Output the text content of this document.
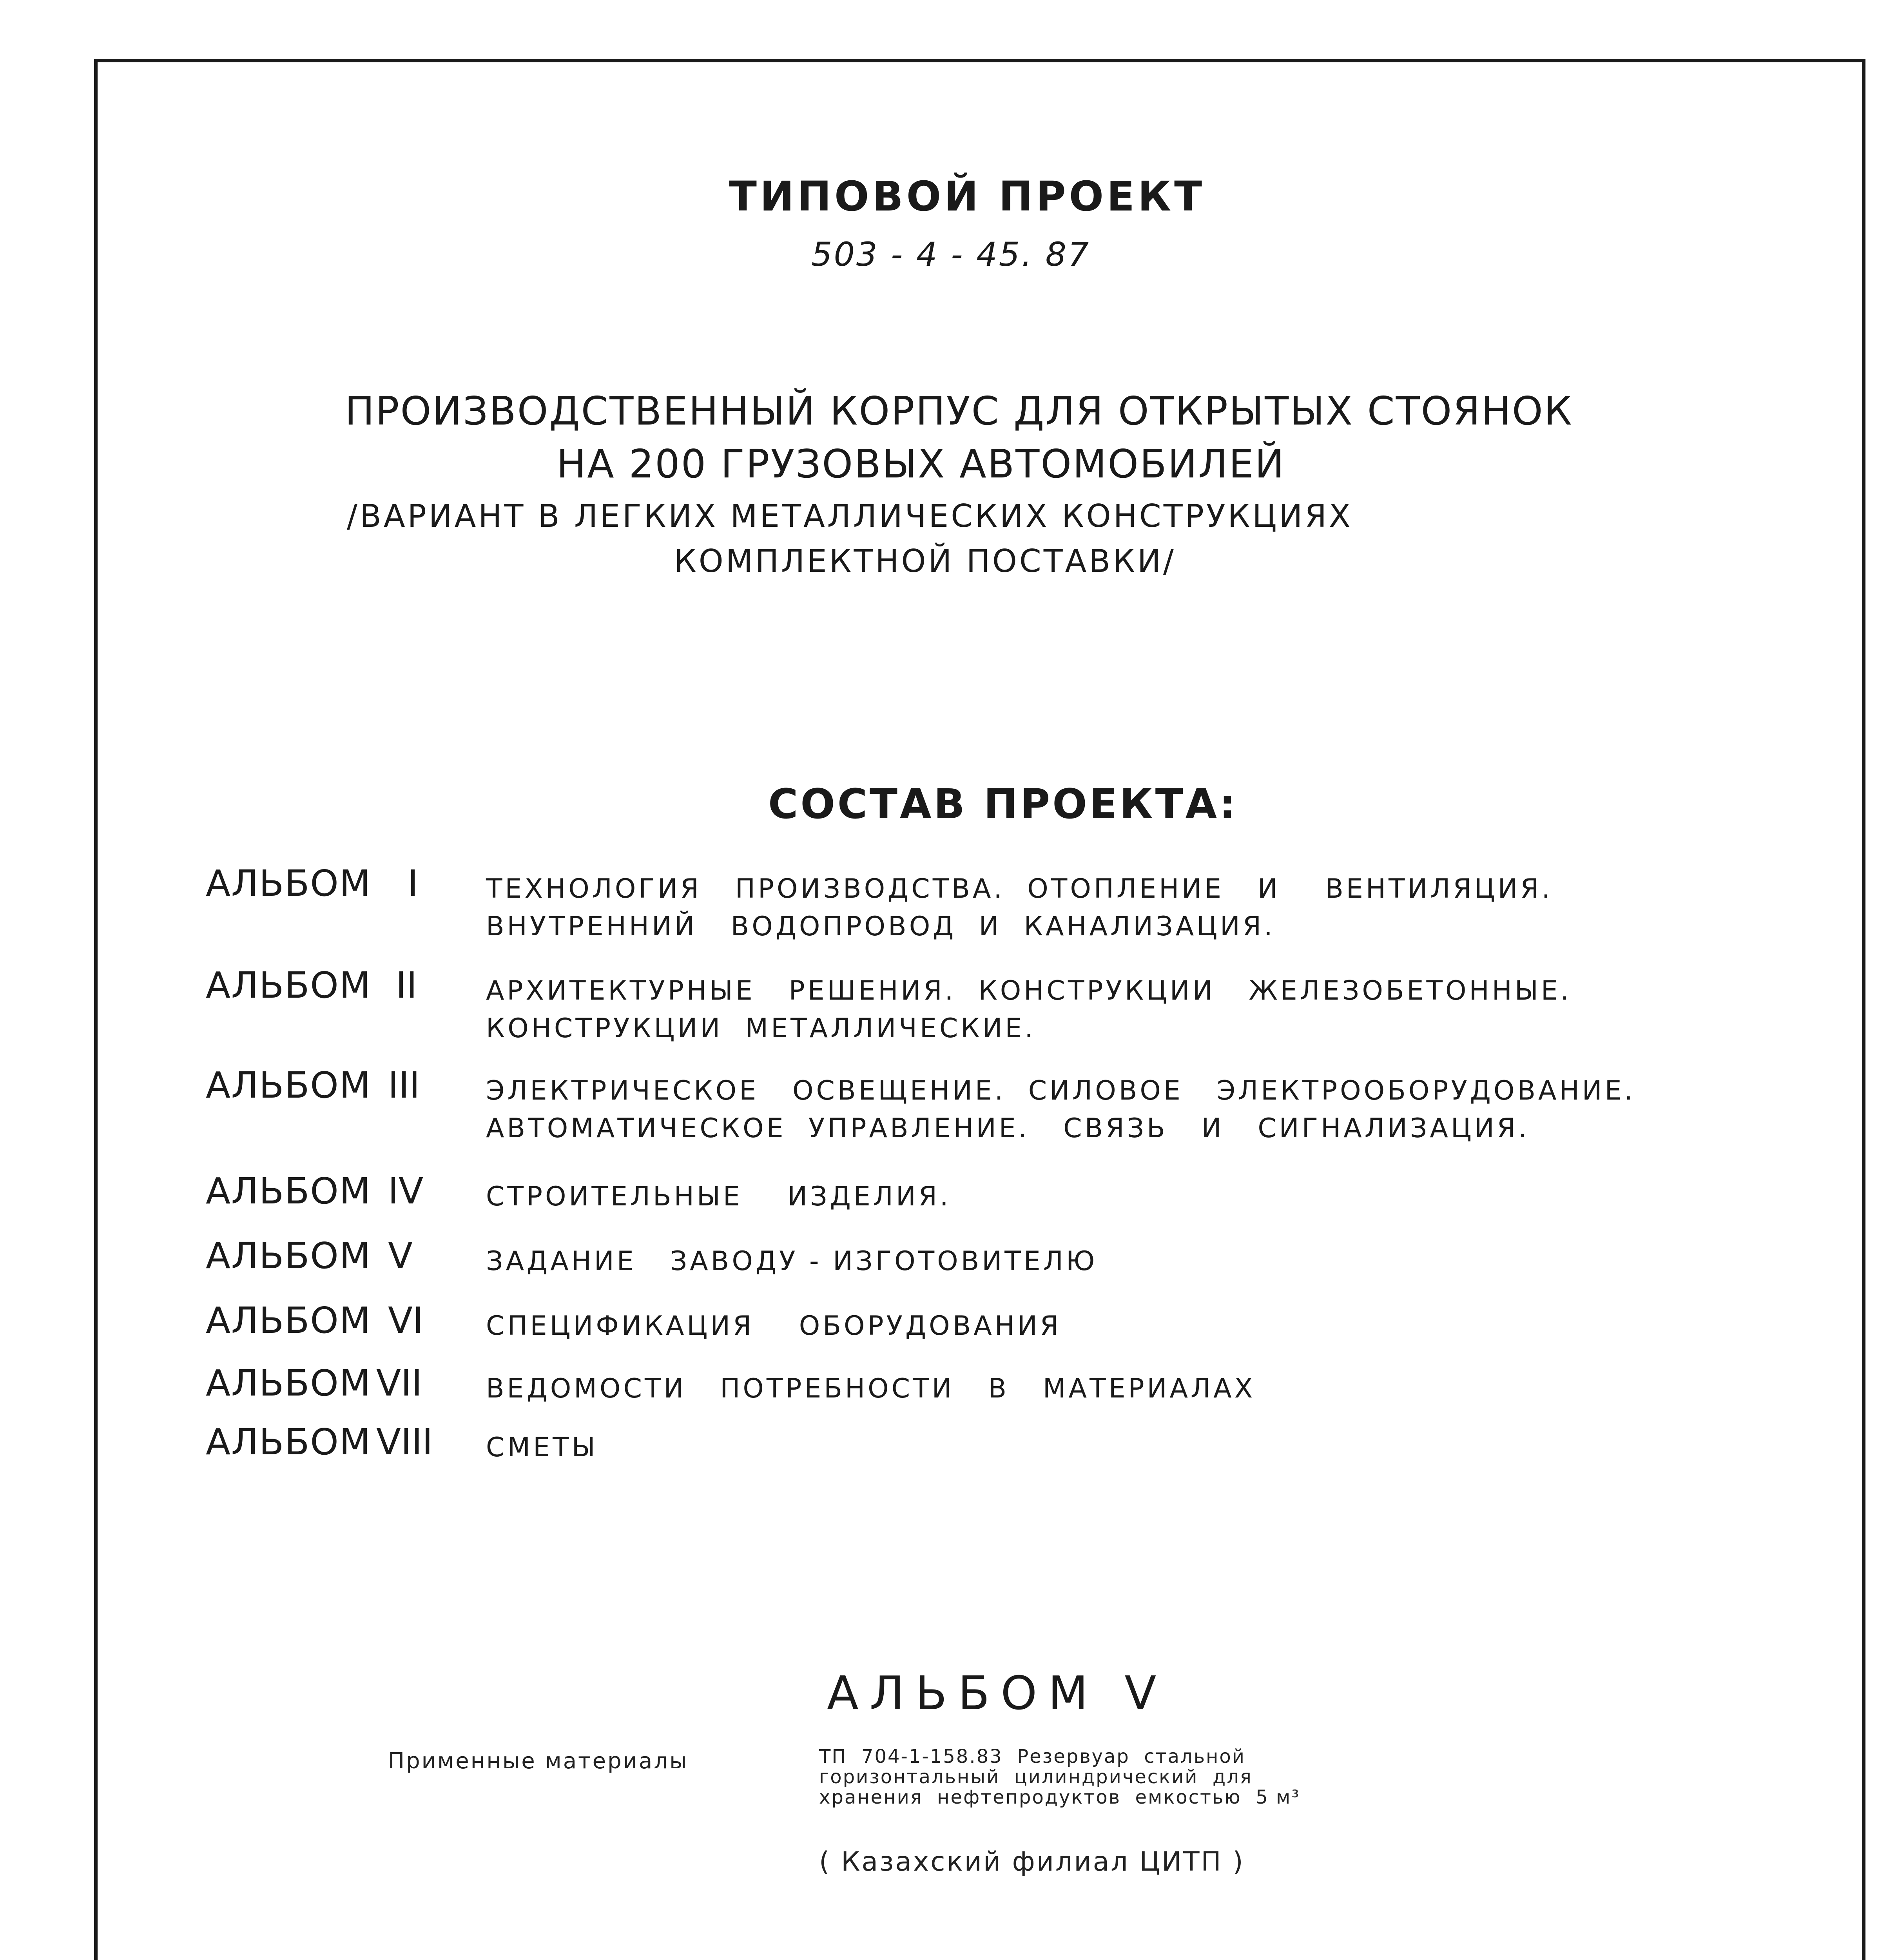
ТИПОВОЙ ПРОЕКТ
503 - 4 - 45. 87
ПРОИЗВОДСТВЕННЫЙ КОРПУС ДЛЯ ОТКРЫТЫХ СТОЯНОК
НА 200 ГРУЗОВЫХ АВТОМОБИЛЕЙ
/ВАРИАНТ В ЛЕГКИХ МЕТАЛЛИЧЕСКИХ КОНСТРУКЦИЯХ
КОМПЛЕКТНОЙ ПОСТАВКИ/
СОСТАВ ПРОЕКТА:
АЛЬБОМ I	ТЕХНОЛОГИЯ   ПРОИЗВОДСТВА.  ОТОПЛЕНИЕ   И    ВЕНТИЛЯЦИЯ.
ВНУТРЕННИЙ   ВОДОПРОВОД  И  КАНАЛИЗАЦИЯ.
АЛЬБОМ II	АРХИТЕКТУРНЫЕ   РЕШЕНИЯ.  КОНСТРУКЦИИ   ЖЕЛЕЗОБЕТОННЫЕ.
КОНСТРУКЦИИ  МЕТАЛЛИЧЕСКИЕ.
АЛЬБОМ III ЭЛЕКТРИЧЕСКОЕ   ОСВЕЩЕНИЕ.  СИЛОВОЕ   ЭЛЕКТРООБОРУДОВАНИЕ.
АВТОМАТИЧЕСКОЕ  УПРАВЛЕНИЕ.   СВЯЗЬ   И   СИГНАЛИЗАЦИЯ.
АЛЬБОМ IV СТРОИТЕЛЬНЫЕ    ИЗДЕЛИЯ.
АЛЬБОМ V	ЗАДАНИЕ   ЗАВОДУ - ИЗГОТОВИТЕЛЮ
АЛЬБОМ VI СПЕЦИФИКАЦИЯ    ОБОРУДОВАНИЯ
АЛЬБОМ VII ВЕДОМОСТИ   ПОТРЕБНОСТИ   В   МАТЕРИАЛАХ
АЛЬБОМ VIII СМЕТЫ
АЛЬБОМ V
Применные материалы	ТП  704-1-158.83  Резервуар  стальной
горизонтальный  цилиндрический  для
хранения  нефтепродуктов  емкостью  5 м³
( Казахский филиал ЦИТП )
